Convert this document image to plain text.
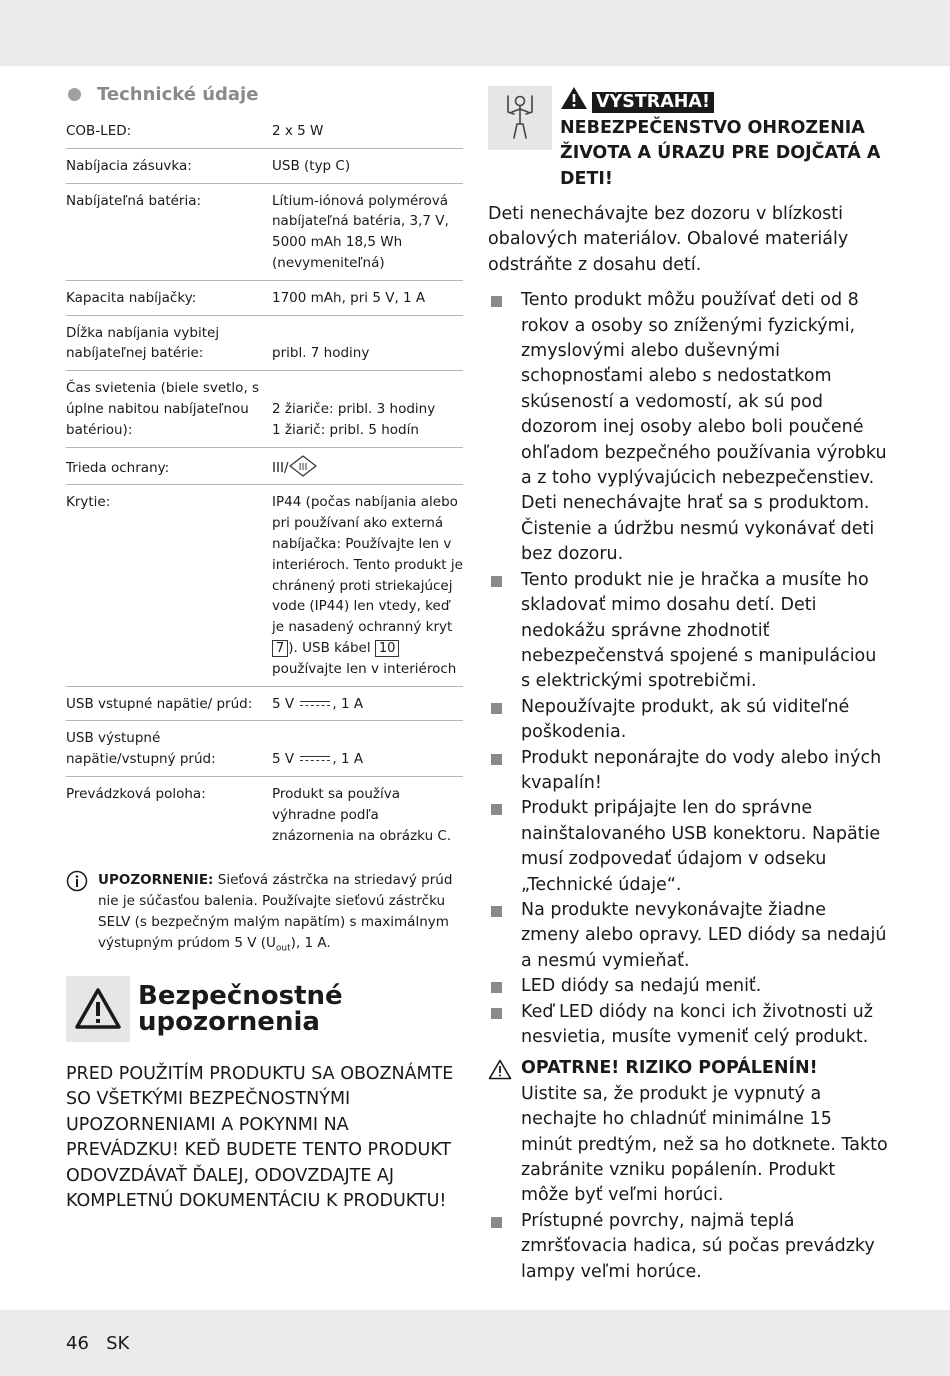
Technické údaje
COB-LED:	2 x 5 W
Nabíjacia zásuvka:	USB (typ C)
Nabíjateľná batéria:	Lítium-iónová polymérová nabíjateľná batéria, 3,7 V, 5000 mAh 18,5 Wh (nevymeniteľná)
Kapacita nabíjačky:	1700 mAh, pri 5 V, 1 A
Dĺžka nabíjania vybitej nabíjateľnej batérie:	pribl. 7 hodiny
Čas svietenia (biele svetlo, s úplne nabitou nabíjateľnou batériou):	2 žiariče: pribl. 3 hodiny
1 žiarič: pribl. 5 hodín
Trieda ochrany:	III/ III

Krytie:	IP44 (počas nabíjania alebo pri používaní ako externá nabíjačka: Používajte len v interiéroch. Tento produkt je chránený proti striekajúcej vode (IP44) len vtedy, keď je nasadený ochranný kryt 7 ). USB kábel 10 používajte len v interiéroch
USB vstupné napätie/ prúd:	5 V , 1 A
USB výstupné napätie/vstupný prúd:	5 V , 1 A
Prevádzková poloha:	Produkt sa používa výhradne podľa znázornenia na obrázku C.
UPOZORNENIE: Sieťová zástrčka na striedavý prúd nie je súčasťou balenia. Používajte sieťovú zástrčku SELV (s bezpečným malým napätím) s maximálnym výstupným prúdom 5 V $(U_{out})$, 1 A.
Bezpečnostné
upozornenia

PRED POUŽITÍM PRODUKTU SA OBOZNÁMTE SO VŠETKÝMI BEZPEČNOSTNÝMI UPOZORNENIAMI A POKYNMI NA PREVÁDZKU! KEĎ BUDETE TENTO PRODUKT ODOVZDÁVAŤ ĎALEJ, ODOVZDAJTE AJ KOMPLETNÚ DOKUMENTÁCIU K PRODUKTU!

VÝSTRAHA! NEBEZPEČENSTVO OHROZENIA ŽIVOTA A ÚRAZU PRE DOJČATÁ A DETI!

Deti nenechávajte bez dozoru v blízkosti obalových materiálov. Obalové materiály odstráňte z dosahu detí.

Tento produkt môžu používať deti od 8 rokov a osoby so zníženými fyzickými, zmyslovými alebo duševnými schopnosťami alebo s nedostatkom skúseností a vedomostí, ak sú pod dozorom inej osoby alebo boli poučené ohľadom bezpečného používania výrobku a z toho vyplývajúcich nebezpečenstiev. Deti nenechávajte hrať sa s produktom. Čistenie a údržbu nesmú vykonávať deti bez dozoru.
Tento produkt nie je hračka a musíte ho skladovať mimo dosahu detí. Deti nedokážu správne zhodnotiť nebezpečenstvá spojené s manipuláciou s elektrickými spotrebičmi.
Nepoužívajte produkt, ak sú viditeľné poškodenia.
Produkt neponárajte do vody alebo iných kvapalín!
Produkt pripájajte len do správne nainštalovaného USB konektoru. Napätie musí zodpovedať údajom v odseku „Technické údaje“.
Na produkte nevykonávajte žiadne zmeny alebo opravy. LED diódy sa nedajú a nesmú vymieňať.
LED diódy sa nedajú meniť.
Keď LED diódy na konci ich životnosti už nesvietia, musíte vymeniť celý produkt.
OPATRNE! RIZIKO POPÁLENÍN!

Uistite sa, že produkt je vypnutý a nechajte ho chladnúť minimálne 15 minút predtým, než sa ho dotknete. Takto zabránite vzniku popálenín. Produkt môže byť veľmi horúci.

Prístupné povrchy, najmä teplá zmršťovacia hadica, sú počas prevádzky lampy veľmi horúce.
46 SK
